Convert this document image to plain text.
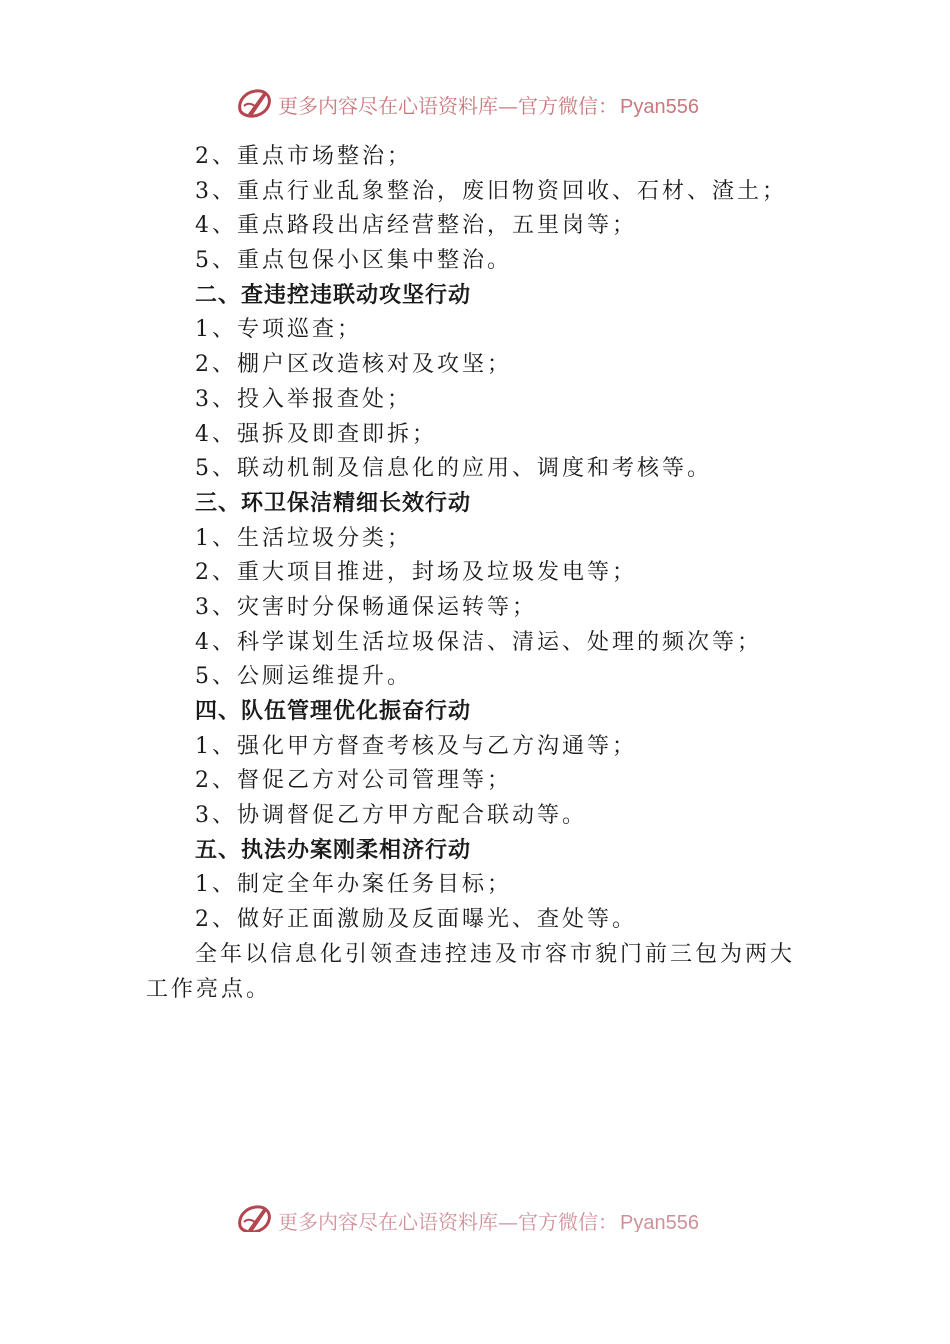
更多内容尽在心语资料库—官方微信： Pyan556
2、重点市场整治；
3、重点行业乱象整治，废旧物资回收、石材、渣土；
4、重点路段出店经营整治，五里岗等；
5、重点包保小区集中整治。
二、查违控违联动攻坚行动
1、专项巡查；
2、棚户区改造核对及攻坚；
3、投入举报查处；
4、强拆及即查即拆；
5、联动机制及信息化的应用、调度和考核等。
三、环卫保洁精细长效行动
1、生活垃圾分类；
2、重大项目推进，封场及垃圾发电等；
3、灾害时分保畅通保运转等；
4、科学谋划生活垃圾保洁、清运、处理的频次等；
5、公厕运维提升。
四、队伍管理优化振奋行动
1、强化甲方督查考核及与乙方沟通等；
2、督促乙方对公司管理等；
3、协调督促乙方甲方配合联动等。
五、执法办案刚柔相济行动
1、制定全年办案任务目标；
2、做好正面激励及反面曝光、查处等。
全年以信息化引领查违控违及市容市貌门前三包为两大
工作亮点。
更多内容尽在心语资料库—官方微信： Pyan556
